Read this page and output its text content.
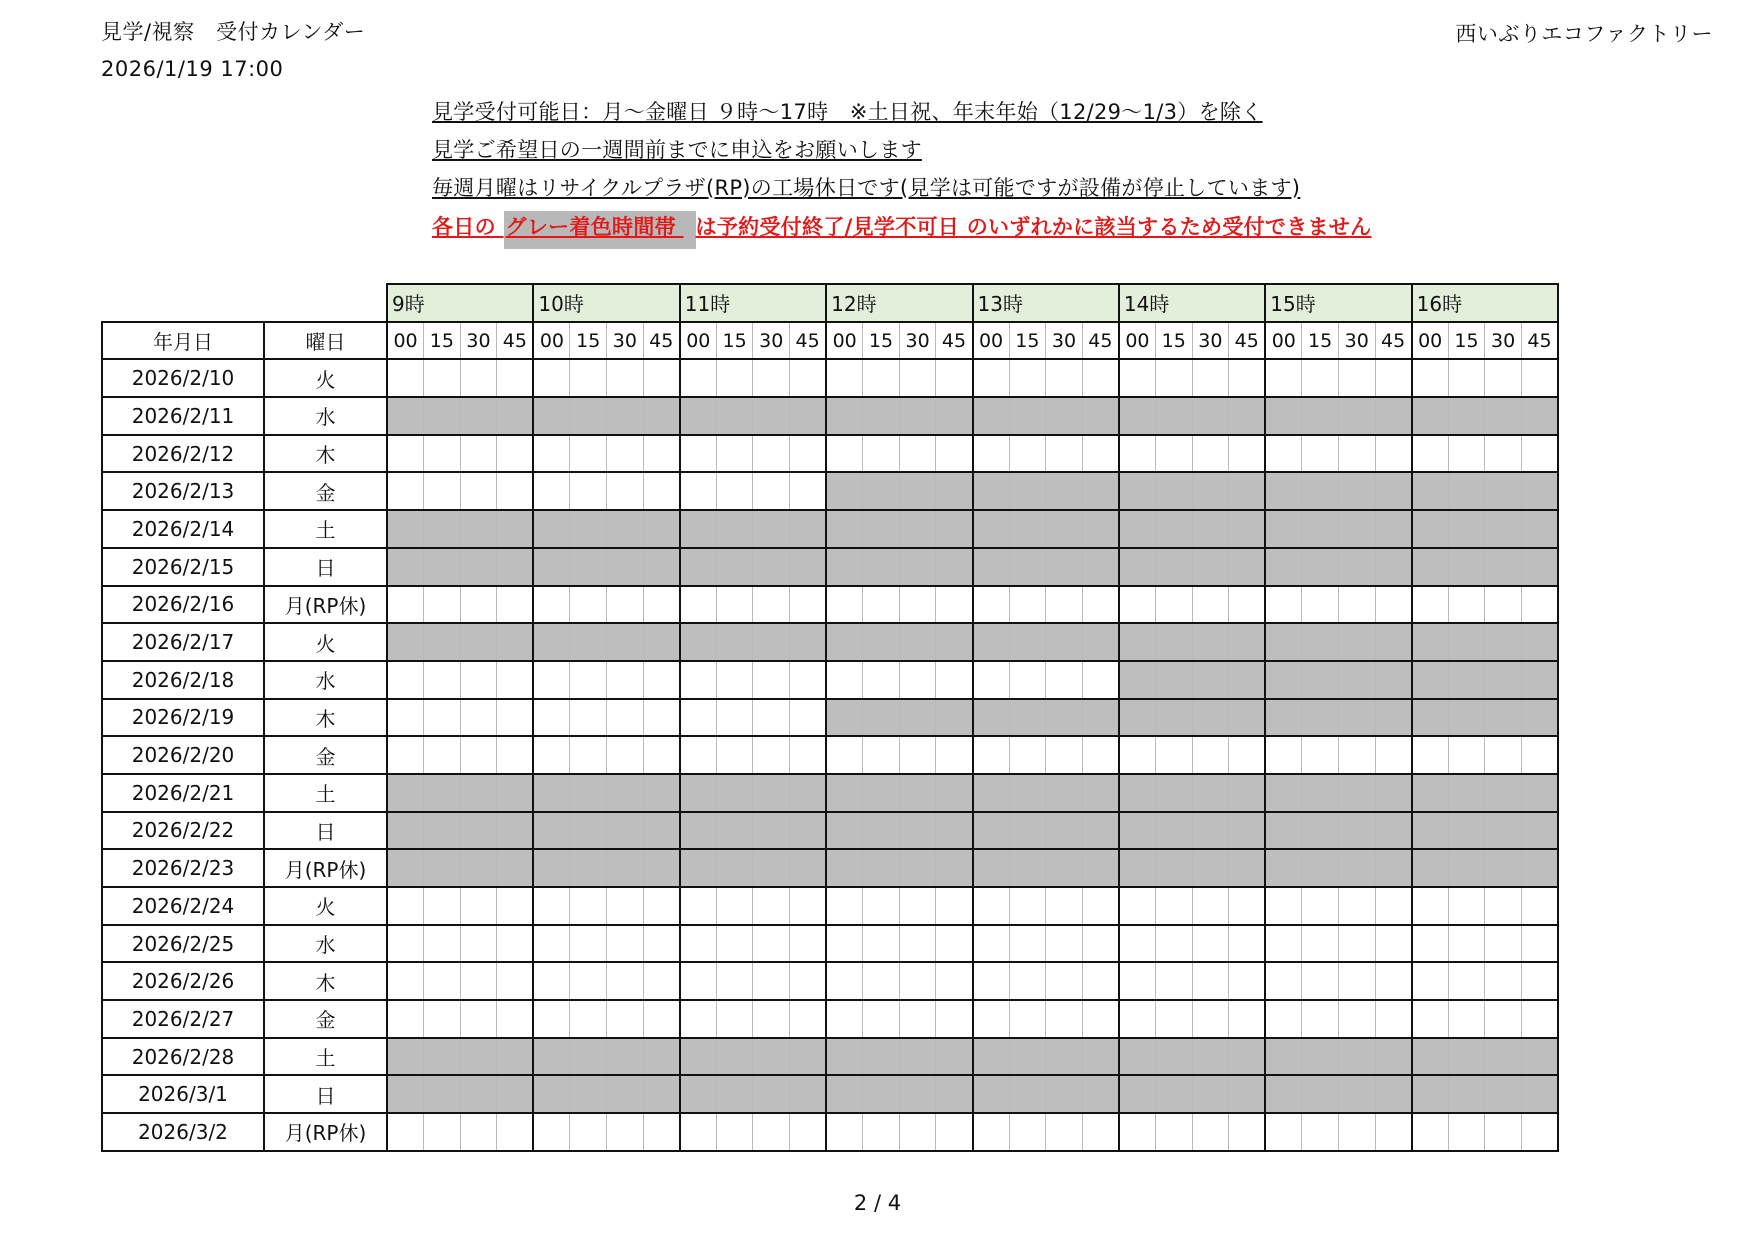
見学/視察　受付カレンダー
2026/1/19 17:00
西いぶりエコファクトリー
見学受付可能日：月～金曜日 ９時～17時　※土日祝、年末年始（12/29～1/3）を除く
見学ご希望日の一週間前までに申込をお願いします
毎週月曜はリサイクルプラザ(RP)の工場休日です(見学は可能ですが設備が停止しています)
各日の グレー着色時間帯 は予約受付終了/見学不可日 のいずれかに該当するため受付できません
		9時				10時				11時				12時				13時				14時				15時				16時			
年月日	曜日	00	15	30	45	00	15	30	45	00	15	30	45	00	15	30	45	00	15	30	45	00	15	30	45	00	15	30	45	00	15	30	45
2026/2/10	火																																
2026/2/11	水																																
2026/2/12	木																																
2026/2/13	金																																
2026/2/14	土																																
2026/2/15	日																																
2026/2/16	月(RP休)																																
2026/2/17	火																																
2026/2/18	水																																
2026/2/19	木																																
2026/2/20	金																																
2026/2/21	土																																
2026/2/22	日																																
2026/2/23	月(RP休)																																
2026/2/24	火																																
2026/2/25	水																																
2026/2/26	木																																
2026/2/27	金																																
2026/2/28	土																																
2026/3/1	日																																
2026/3/2	月(RP休)																																
2 / 4
